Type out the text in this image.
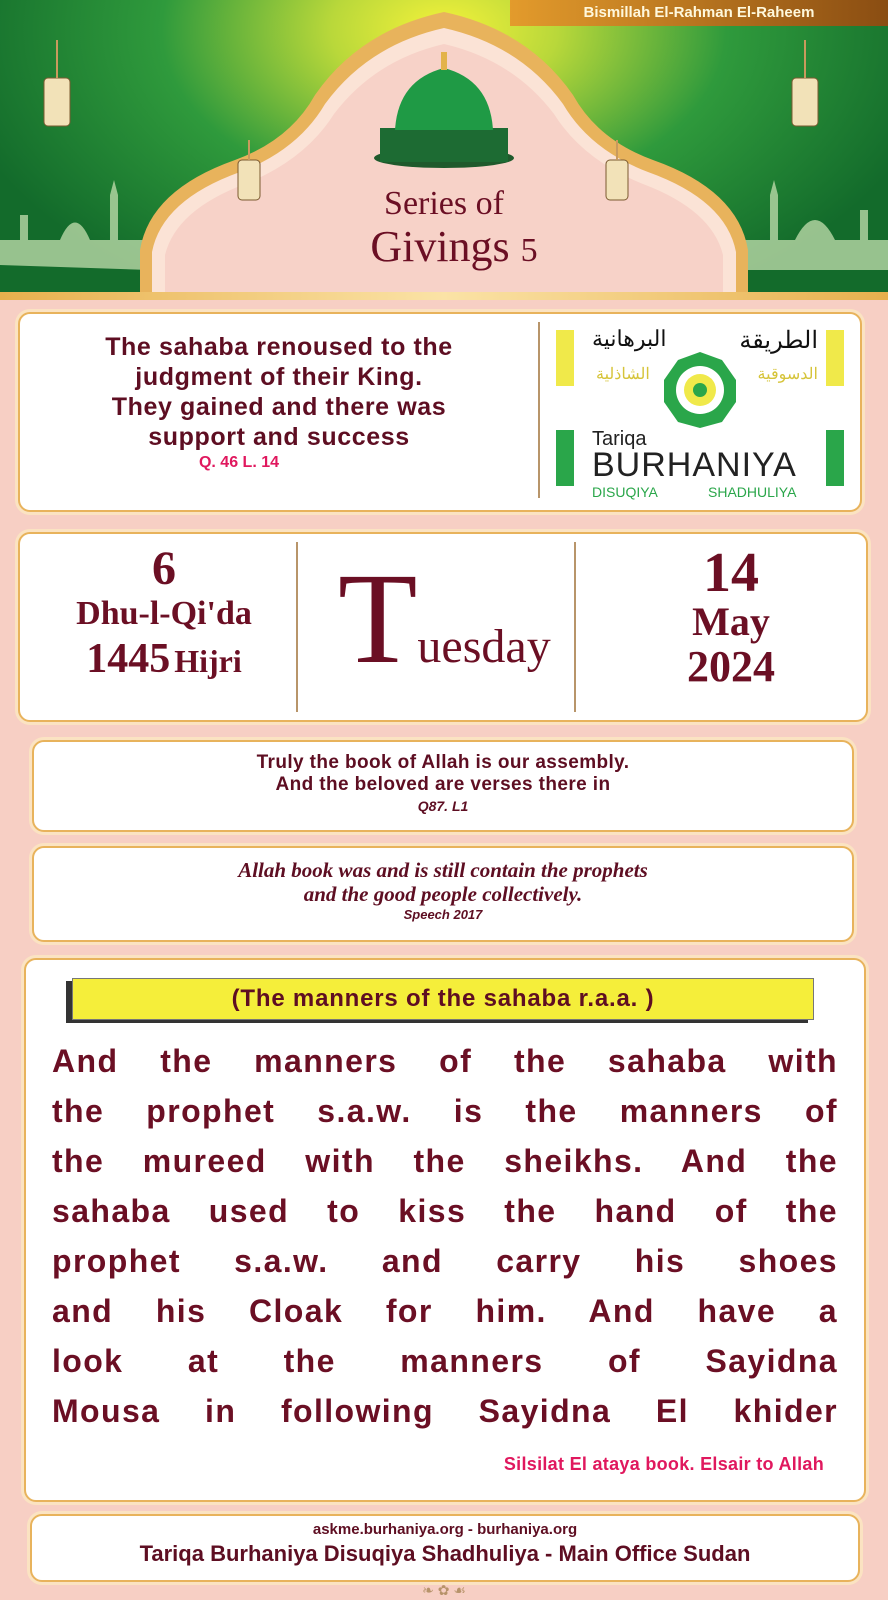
Bismillah El-Rahman El-Raheem
Series of
Givings 5
The sahaba renoused to the
judgment of their King.
They gained and there was
support and success
Q. 46 L. 14
الطريقة
البرهانية
الدسوقية
الشاذلية
Tariqa
BURHANIYA
DISUQIYA	SHADHULIYA
6
Dhu-l-Qi'da
1445 Hijri Tuesday
14
May
2024
Truly the book of Allah is our assembly.
And the beloved are verses there in
Q87. L1
Allah book was and is still contain the prophets
and the good people collectively.
Speech 2017
(The manners of the sahaba r.a.a. )
And the manners of the sahaba with
the prophet s.a.w. is the manners of
the mureed with the sheikhs. And the
sahaba used to kiss the hand of the
prophet s.a.w. and carry his shoes
and his Cloak for him. And have a
look at the manners of Sayidna
Mousa in following Sayidna El khider
Silsilat El ataya book. Elsair to Allah
askme.burhaniya.org - burhaniya.org
Tariqa Burhaniya Disuqiya Shadhuliya - Main Office Sudan
❧ ✿ ☙
